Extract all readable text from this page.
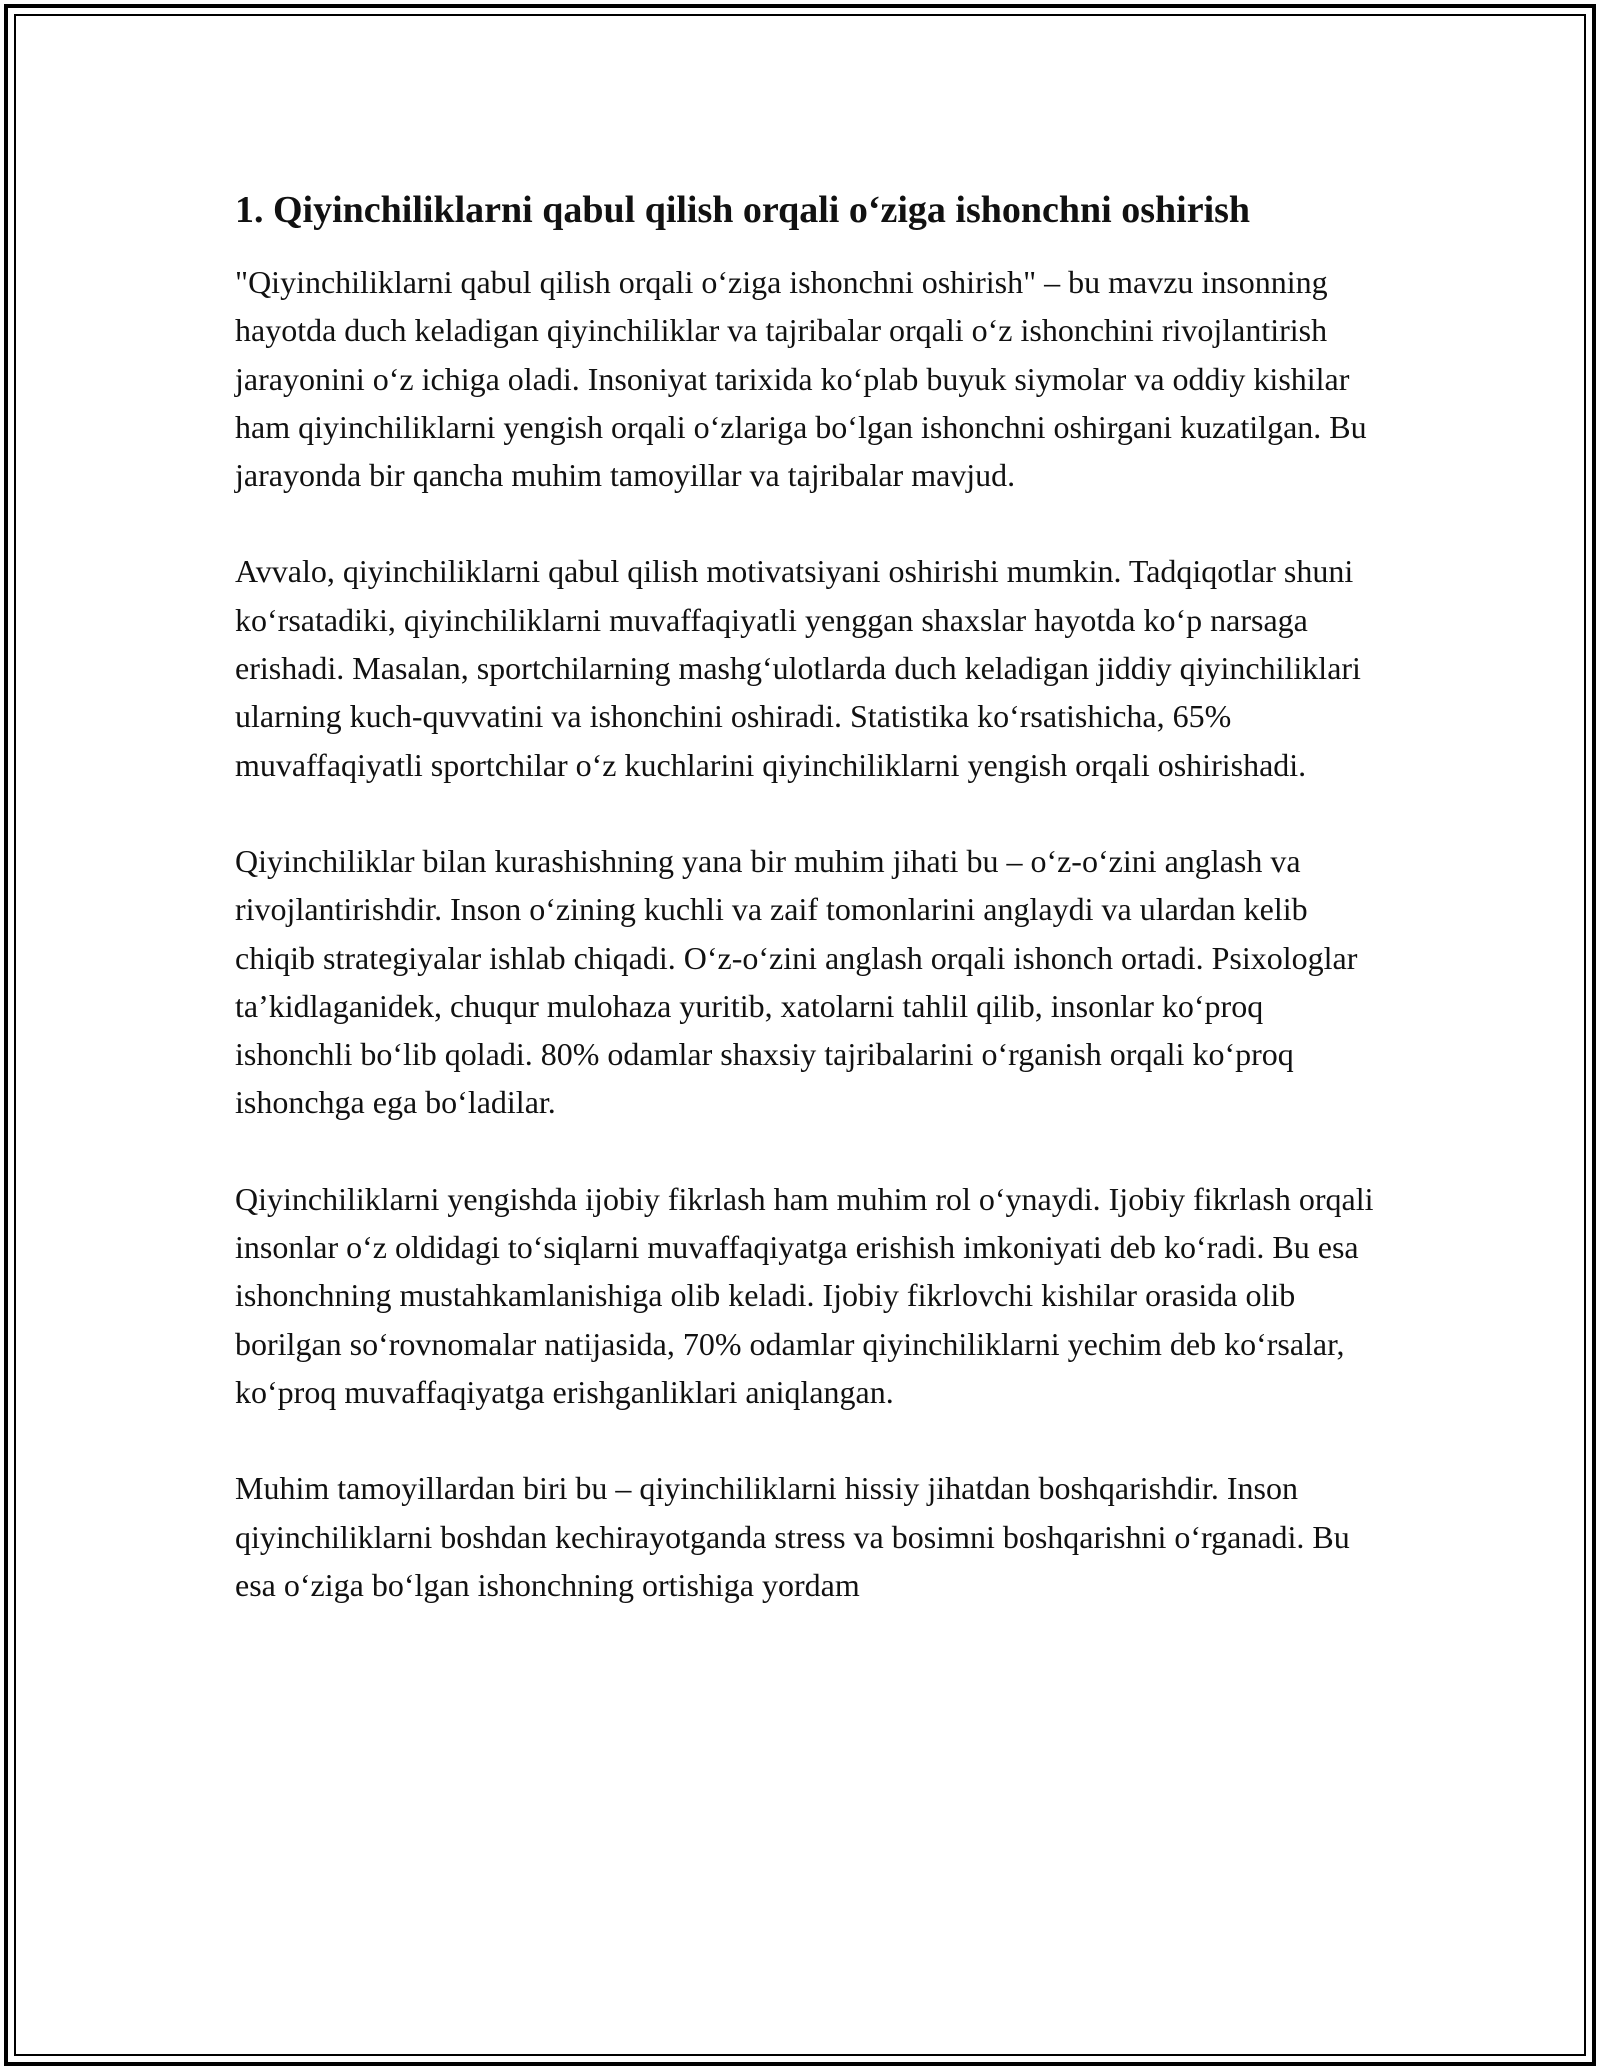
1. Qiyinchiliklarni qabul qilish orqali o‘ziga ishonchni oshirish

"Qiyinchiliklarni qabul qilish orqali o‘ziga ishonchni oshirish" – bu mavzu insonning hayotda duch keladigan qiyinchiliklar va tajribalar orqali o‘z ishonchini rivojlantirish jarayonini o‘z ichiga oladi. Insoniyat tarixida ko‘plab buyuk siymolar va oddiy kishilar ham qiyinchiliklarni yengish orqali o‘zlariga bo‘lgan ishonchni oshirgani kuzatilgan. Bu jarayonda bir qancha muhim tamoyillar va tajribalar mavjud.

Avvalo, qiyinchiliklarni qabul qilish motivatsiyani oshirishi mumkin. Tadqiqotlar shuni ko‘rsatadiki, qiyinchiliklarni muvaffaqiyatli yenggan shaxslar hayotda ko‘p narsaga erishadi. Masalan, sportchilarning mashg‘ulotlarda duch keladigan jiddiy qiyinchiliklari ularning kuch-quvvatini va ishonchini oshiradi. Statistika ko‘rsatishicha, 65% muvaffaqiyatli sportchilar o‘z kuchlarini qiyinchiliklarni yengish orqali oshirishadi.

Qiyinchiliklar bilan kurashishning yana bir muhim jihati bu – o‘z-o‘zini anglash va rivojlantirishdir. Inson o‘zining kuchli va zaif tomonlarini anglaydi va ulardan kelib chiqib strategiyalar ishlab chiqadi. O‘z-o‘zini anglash orqali ishonch ortadi. Psixologlar ta’kidlaganidek, chuqur mulohaza yuritib, xatolarni tahlil qilib, insonlar ko‘proq ishonchli bo‘lib qoladi. 80% odamlar shaxsiy tajribalarini o‘rganish orqali ko‘proq ishonchga ega bo‘ladilar.

Qiyinchiliklarni yengishda ijobiy fikrlash ham muhim rol o‘ynaydi. Ijobiy fikrlash orqali insonlar o‘z oldidagi to‘siqlarni muvaffaqiyatga erishish imkoniyati deb ko‘radi. Bu esa ishonchning mustahkamlanishiga olib keladi. Ijobiy fikrlovchi kishilar orasida olib borilgan so‘rovnomalar natijasida, 70% odamlar qiyinchiliklarni yechim deb ko‘rsalar, ko‘proq muvaffaqiyatga erishganliklari aniqlangan.

Muhim tamoyillardan biri bu – qiyinchiliklarni hissiy jihatdan boshqarishdir. Inson qiyinchiliklarni boshdan kechirayotganda stress va bosimni boshqarishni o‘rganadi. Bu esa o‘ziga bo‘lgan ishonchning ortishiga yordam
